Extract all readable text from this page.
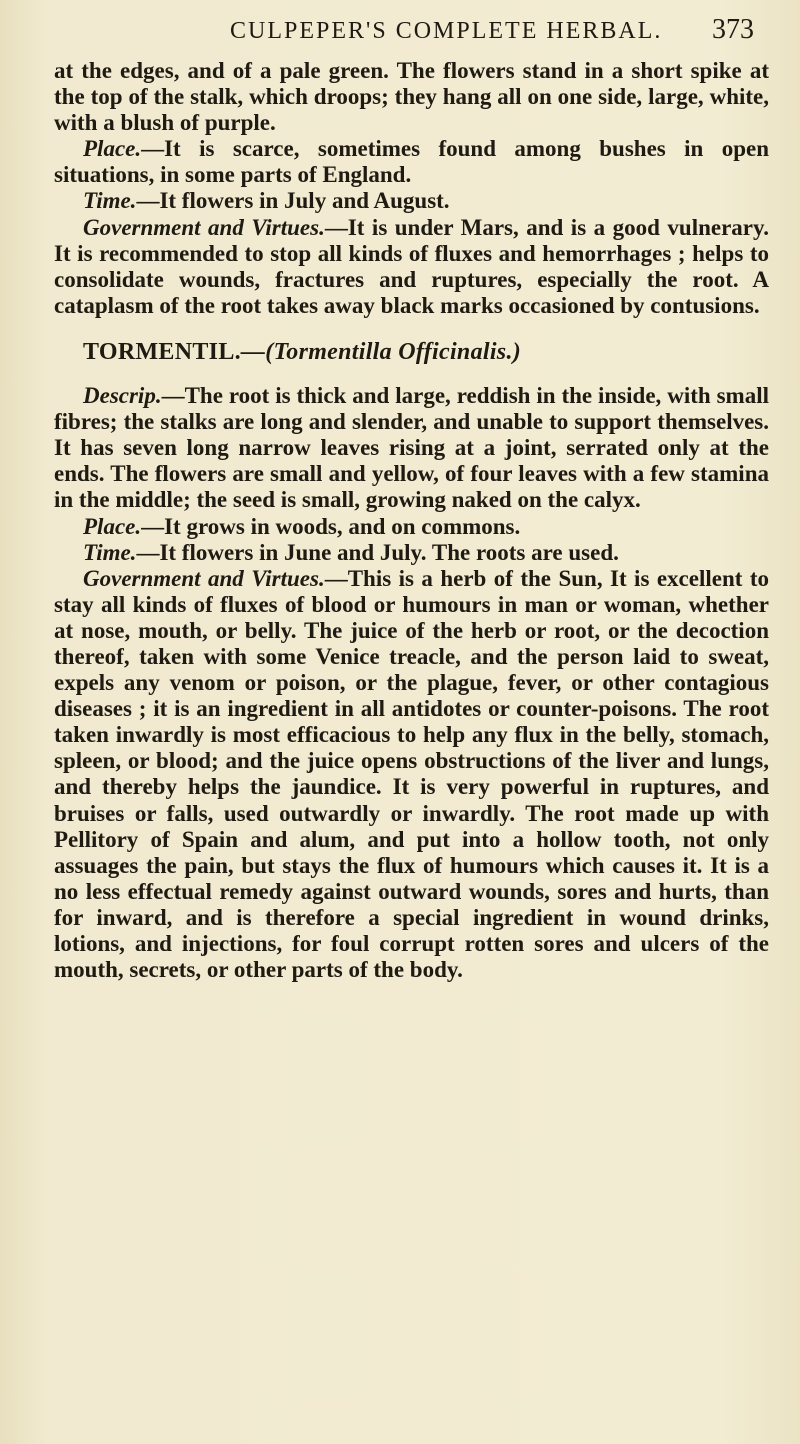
CULPEPER'S COMPLETE HERBAL. 373

at the edges, and of a pale green. The flowers stand in a short spike at the top of the stalk, which droops; they hang all on one side, large, white, with a blush of purple.

Place.—It is scarce, sometimes found among bushes in open situations, in some parts of England.

Time.—It flowers in July and August.

Government and Virtues.—It is under Mars, and is a good vulnerary. It is recommended to stop all kinds of fluxes and hemorrhages ; helps to consolidate wounds, fractures and ruptures, especially the root. A cataplasm of the root takes away black marks occasioned by contusions.

TORMENTIL.—(Tormentilla Officinalis.)

Descrip.—The root is thick and large, reddish in the inside, with small fibres; the stalks are long and slender, and unable to support themselves. It has seven long narrow leaves rising at a joint, serrated only at the ends. The flowers are small and yellow, of four leaves with a few stamina in the middle; the seed is small, growing naked on the calyx.

Place.—It grows in woods, and on commons.

Time.—It flowers in June and July. The roots are used.

Government and Virtues.—This is a herb of the Sun, It is excellent to stay all kinds of fluxes of blood or humours in man or woman, whether at nose, mouth, or belly. The juice of the herb or root, or the decoction thereof, taken with some Venice treacle, and the person laid to sweat, expels any venom or poison, or the plague, fever, or other contagious diseases ; it is an ingredient in all antidotes or counter-poisons. The root taken inwardly is most efficacious to help any flux in the belly, stomach, spleen, or blood; and the juice opens obstructions of the liver and lungs, and thereby helps the jaundice. It is very powerful in ruptures, and bruises or falls, used outwardly or inwardly. The root made up with Pellitory of Spain and alum, and put into a hollow tooth, not only assuages the pain, but stays the flux of humours which causes it. It is a no less effectual remedy against outward wounds, sores and hurts, than for inward, and is therefore a special ingredient in wound drinks, lotions, and injections, for foul corrupt rotten sores and ulcers of the mouth, secrets, or other parts of the body.
